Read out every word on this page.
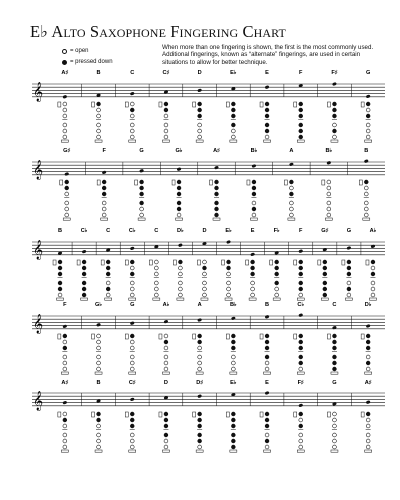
E♭ Alto Saxophone Fingering Chart
= open
= pressed down
When more than one fingering is shown, the first is the most commonly used. Additional fingerings, known as “alternate” fingerings, are used in certain situations to allow for better technique.
𝄞
A♯	B	C	C♯	D	E♭	E	F	F♯	G
𝄞
G♯	F	G	G♭	A♯	B♭	A	B♭	B
𝄞
B	C♭	C	C♭	C	D♭	D	E♭	E	F♭	F	G♯	G	A♭
𝄞
F	G♭	G	A♭	A	B♭	B	C♭	C	D♭
𝄞
A♯	B	C♯	D	D♯	E♭	E	F♯	G	A♯
